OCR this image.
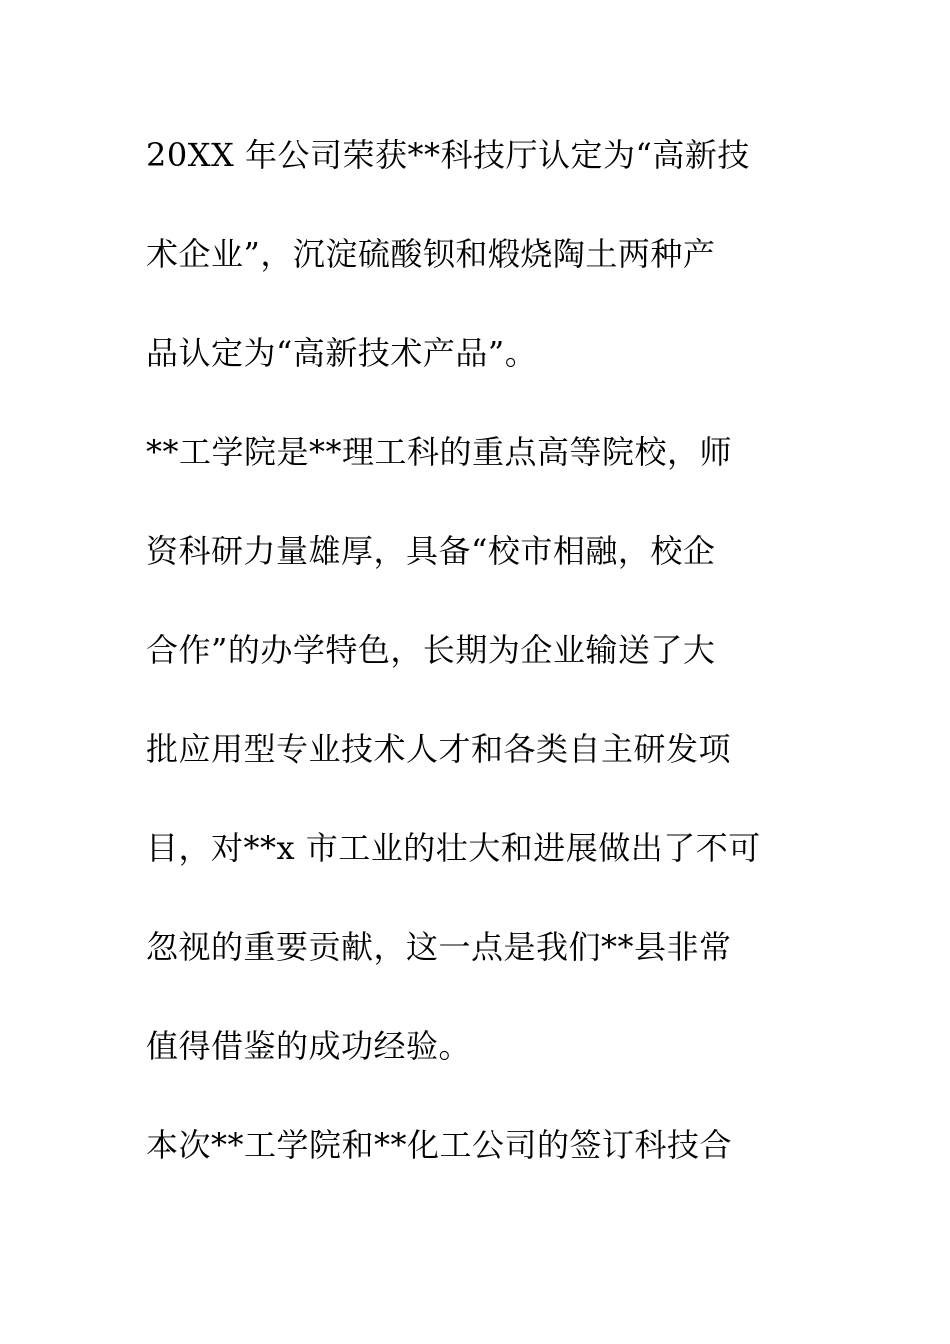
20XX 年公司荣获**科技厅认定为“高新技
术企业”，沉淀硫酸钡和煅烧陶土两种产
品认定为“高新技术产品”。
**工学院是**理工科的重点高等院校，师
资科研力量雄厚，具备“校市相融，校企
合作”的办学特色，长期为企业输送了大
批应用型专业技术人才和各类自主研发项
目，对**x 市工业的壮大和进展做出了不可
忽视的重要贡献，这一点是我们**县非常
值得借鉴的成功经验。
本次**工学院和**化工公司的签订科技合
